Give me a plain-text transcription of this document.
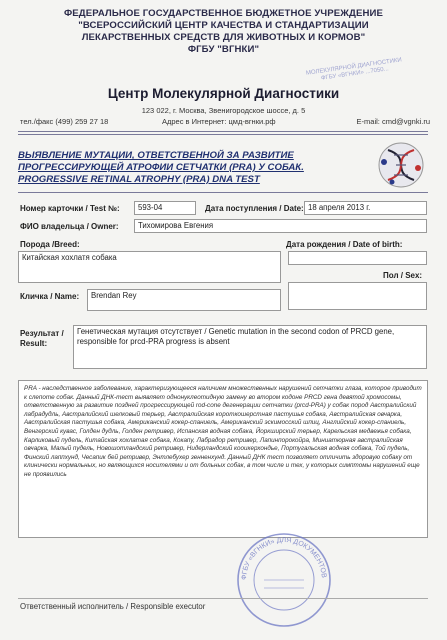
ФЕДЕРАЛЬНОЕ ГОСУДАРСТВЕННОЕ БЮДЖЕТНОЕ УЧРЕЖДЕНИЕ
"ВСЕРОССИЙСКИЙ ЦЕНТР КАЧЕСТВА И СТАНДАРТИЗАЦИИ
ЛЕКАРСТВЕННЫХ СРЕДСТВ ДЛЯ ЖИВОТНЫХ И КОРМОВ"
ФГБУ "ВГНКИ"
МОЛЕКУЛЯРНОЙ ДИАГНОСТИКИ ФГБУ «ВГНКИ» ...7050...
Центр Молекулярной Диагностики
123 022, г. Москва, Звенигородское шоссе, д. 5
тел./факс (499) 259 27 18	Адрес в Интернет: цмд-вгнки.рф	E-mail: cmd@vgnki.ru
ВЫЯВЛЕНИЕ МУТАЦИИ, ОТВЕТСТВЕННОЙ ЗА РАЗВИТИЕ
ПРОГРЕССИРУЮЩЕЙ АТРОФИИ СЕТЧАТКИ (PRA) У СОБАК.
PROGRESSIVE RETINAL ATROPHY (PRA) DNA TEST
Номер карточки / Test №:	593-04	Дата поступления / Date: 18 апреля 2013 г.
ФИО владельца / Owner:	Тихомирова Евгения
Порода /Breed:	Дата рождения / Date of birth:
Китайская хохлатя собака
Пол / Sex:
Кличка / Name:	Brendan Rey
Результат /
Result:
Генетическая мутация отсутствует / Genetic mutation in the second codon of PRCD gene, responsible for prcd-PRA progress is absent
PRA - наследственное заболевание, характеризующееся наличием множественных нарушений сетчатки глаза, которое приводит к слепоте собак. Данный ДНК-тест выявляет однонуклеотидную замену во втором кодоне PRCD гена девятой хромосомы, ответственную за развитие поздней прогрессирующей rod-cone дегенерации сетчатки (prcd-PRA) у собак пород Австралийский лабрадудль, Австралийский шелковый терьер, Австралийская короткошерстная пастушья собака, Австралийская овчарка, Австралийская пастушья собака, Американский кокер-спаниель, Американский эскимосский шпиц, Английский кокер-спаниель, Венгерский кувас, Голден дудль, Голден ретривер, Испанская водная собака, Йоркширский терьер, Карельская медвежья собака, Карликовый пудель, Китайская хохлатая собака, Кокапу, Лабрадор ретривер, Лапинпорокойра, Миниатюрная австралийская овчарка, Малый пудель, Новошотландский ретривер, Нидерландский кооикерхондье, Португальская водная собака, Той пудель, Финский лаппхунд, Чесапик бей ретривер, Энтлебухер зенненхунд. Данный ДНК тест позволяет отличить здоровую собаку от клинически нормальных, но являющихся носителями и от больных собак, в том числе и тех, у которых симптомы нарушений еще не проявились
ФГБУ «ВГНКИ» ДЛЯ ДОКУМЕНТОВ
Ответственный исполнитель / Responsible executor
